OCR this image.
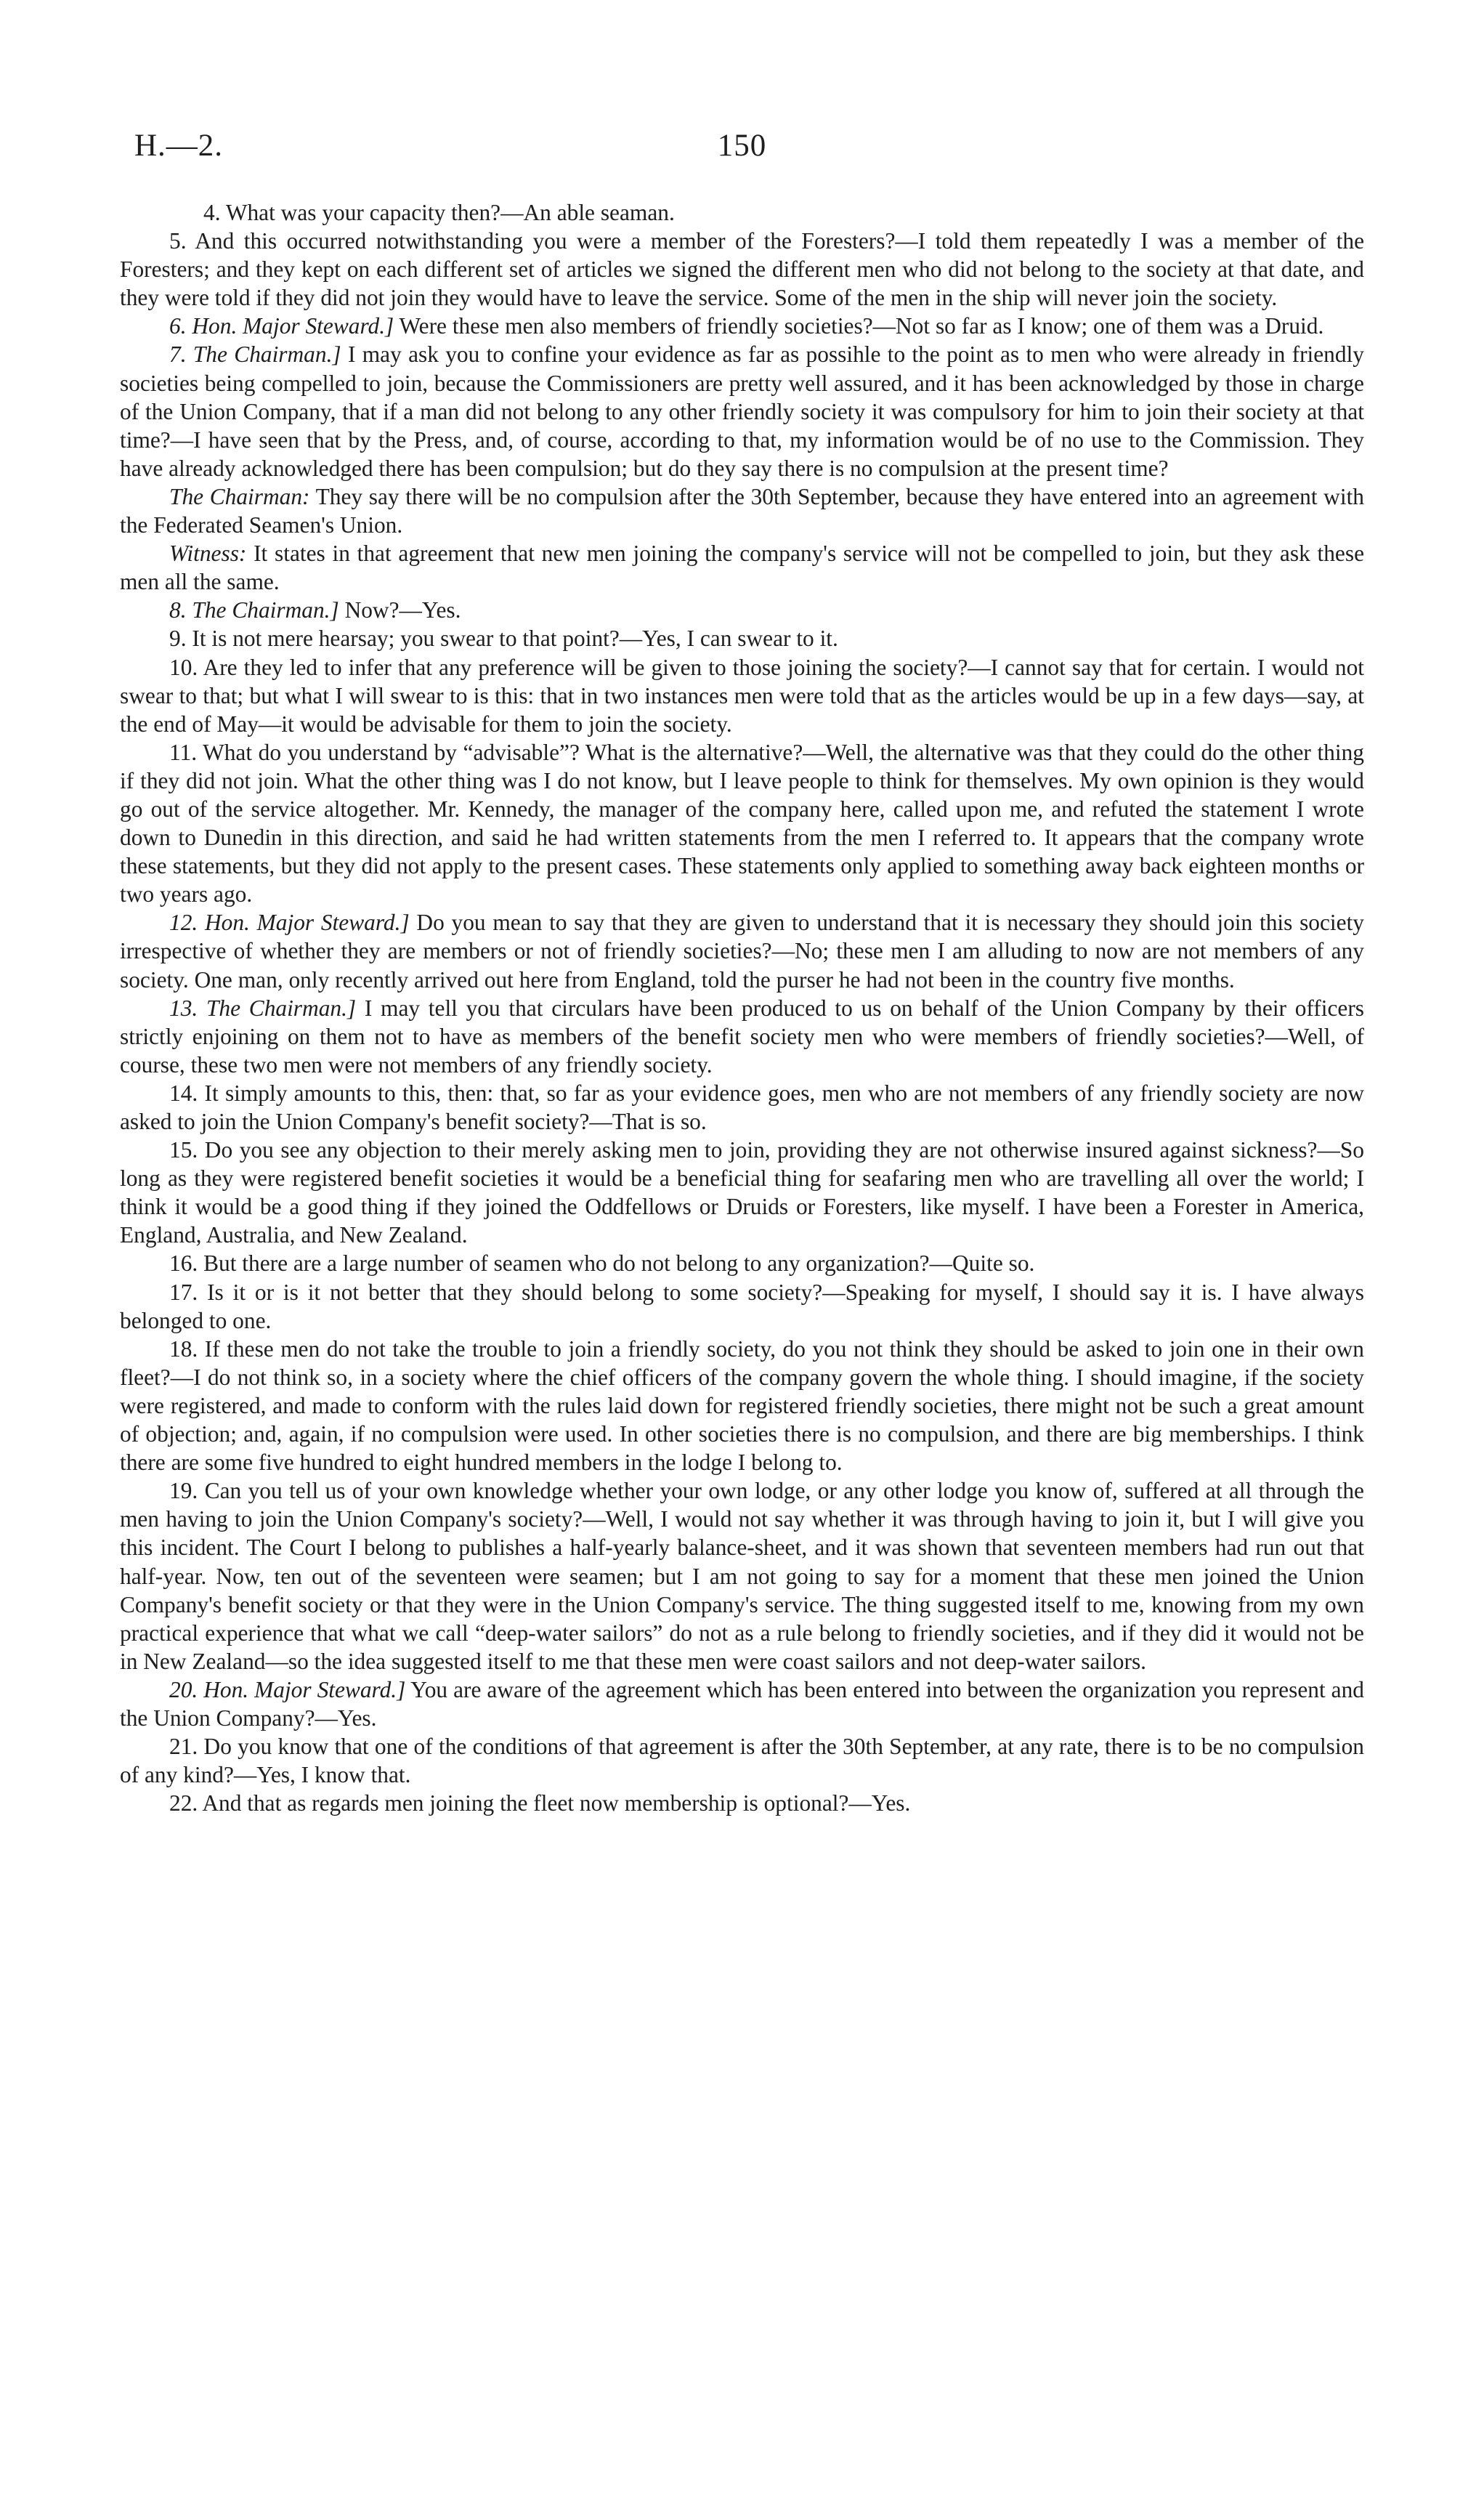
H.—2.	150

4. What was your capacity then?—An able seaman.

5. And this occurred notwithstanding you were a member of the Foresters?—I told them repeatedly I was a member of the Foresters; and they kept on each different set of articles we signed the different men who did not belong to the society at that date, and they were told if they did not join they would have to leave the service. Some of the men in the ship will never join the society.

6. Hon. Major Steward.] Were these men also members of friendly societies?—Not so far as I know; one of them was a Druid.

7. The Chairman.] I may ask you to confine your evidence as far as possihle to the point as to men who were already in friendly societies being compelled to join, because the Commissioners are pretty well assured, and it has been acknowledged by those in charge of the Union Company, that if a man did not belong to any other friendly society it was compulsory for him to join their society at that time?—I have seen that by the Press, and, of course, according to that, my information would be of no use to the Commission. They have already acknowledged there has been compulsion; but do they say there is no compulsion at the present time?

The Chairman: They say there will be no compulsion after the 30th September, because they have entered into an agreement with the Federated Seamen's Union.

Witness: It states in that agreement that new men joining the company's service will not be compelled to join, but they ask these men all the same.

8. The Chairman.] Now?—Yes.

9. It is not mere hearsay; you swear to that point?—Yes, I can swear to it.

10. Are they led to infer that any preference will be given to those joining the society?—I cannot say that for certain. I would not swear to that; but what I will swear to is this: that in two instances men were told that as the articles would be up in a few days—say, at the end of May—it would be advisable for them to join the society.

11. What do you understand by “advisable”? What is the alternative?—Well, the alternative was that they could do the other thing if they did not join. What the other thing was I do not know, but I leave people to think for themselves. My own opinion is they would go out of the service altogether. Mr. Kennedy, the manager of the company here, called upon me, and refuted the statement I wrote down to Dunedin in this direction, and said he had written statements from the men I referred to. It appears that the company wrote these statements, but they did not apply to the present cases. These statements only applied to something away back eighteen months or two years ago.

12. Hon. Major Steward.] Do you mean to say that they are given to understand that it is necessary they should join this society irrespective of whether they are members or not of friendly societies?—No; these men I am alluding to now are not members of any society. One man, only recently arrived out here from England, told the purser he had not been in the country five months.

13. The Chairman.] I may tell you that circulars have been produced to us on behalf of the Union Company by their officers strictly enjoining on them not to have as members of the benefit society men who were members of friendly societies?—Well, of course, these two men were not members of any friendly society.

14. It simply amounts to this, then: that, so far as your evidence goes, men who are not members of any friendly society are now asked to join the Union Company's benefit society?—That is so.

15. Do you see any objection to their merely asking men to join, providing they are not otherwise insured against sickness?—So long as they were registered benefit societies it would be a beneficial thing for seafaring men who are travelling all over the world; I think it would be a good thing if they joined the Oddfellows or Druids or Foresters, like myself. I have been a Forester in America, England, Australia, and New Zealand.

16. But there are a large number of seamen who do not belong to any organization?—Quite so.

17. Is it or is it not better that they should belong to some society?—Speaking for myself, I should say it is. I have always belonged to one.

18. If these men do not take the trouble to join a friendly society, do you not think they should be asked to join one in their own fleet?—I do not think so, in a society where the chief officers of the company govern the whole thing. I should imagine, if the society were registered, and made to conform with the rules laid down for registered friendly societies, there might not be such a great amount of objection; and, again, if no compulsion were used. In other societies there is no compulsion, and there are big memberships. I think there are some five hundred to eight hundred members in the lodge I belong to.

19. Can you tell us of your own knowledge whether your own lodge, or any other lodge you know of, suffered at all through the men having to join the Union Company's society?—Well, I would not say whether it was through having to join it, but I will give you this incident. The Court I belong to publishes a half-yearly balance-sheet, and it was shown that seventeen members had run out that half-year. Now, ten out of the seventeen were seamen; but I am not going to say for a moment that these men joined the Union Company's benefit society or that they were in the Union Company's service. The thing suggested itself to me, knowing from my own practical experience that what we call “deep-water sailors” do not as a rule belong to friendly societies, and if they did it would not be in New Zealand—so the idea suggested itself to me that these men were coast sailors and not deep-water sailors.

20. Hon. Major Steward.] You are aware of the agreement which has been entered into between the organization you represent and the Union Company?—Yes.

21. Do you know that one of the conditions of that agreement is after the 30th September, at any rate, there is to be no compulsion of any kind?—Yes, I know that.

22. And that as regards men joining the fleet now membership is optional?—Yes.
